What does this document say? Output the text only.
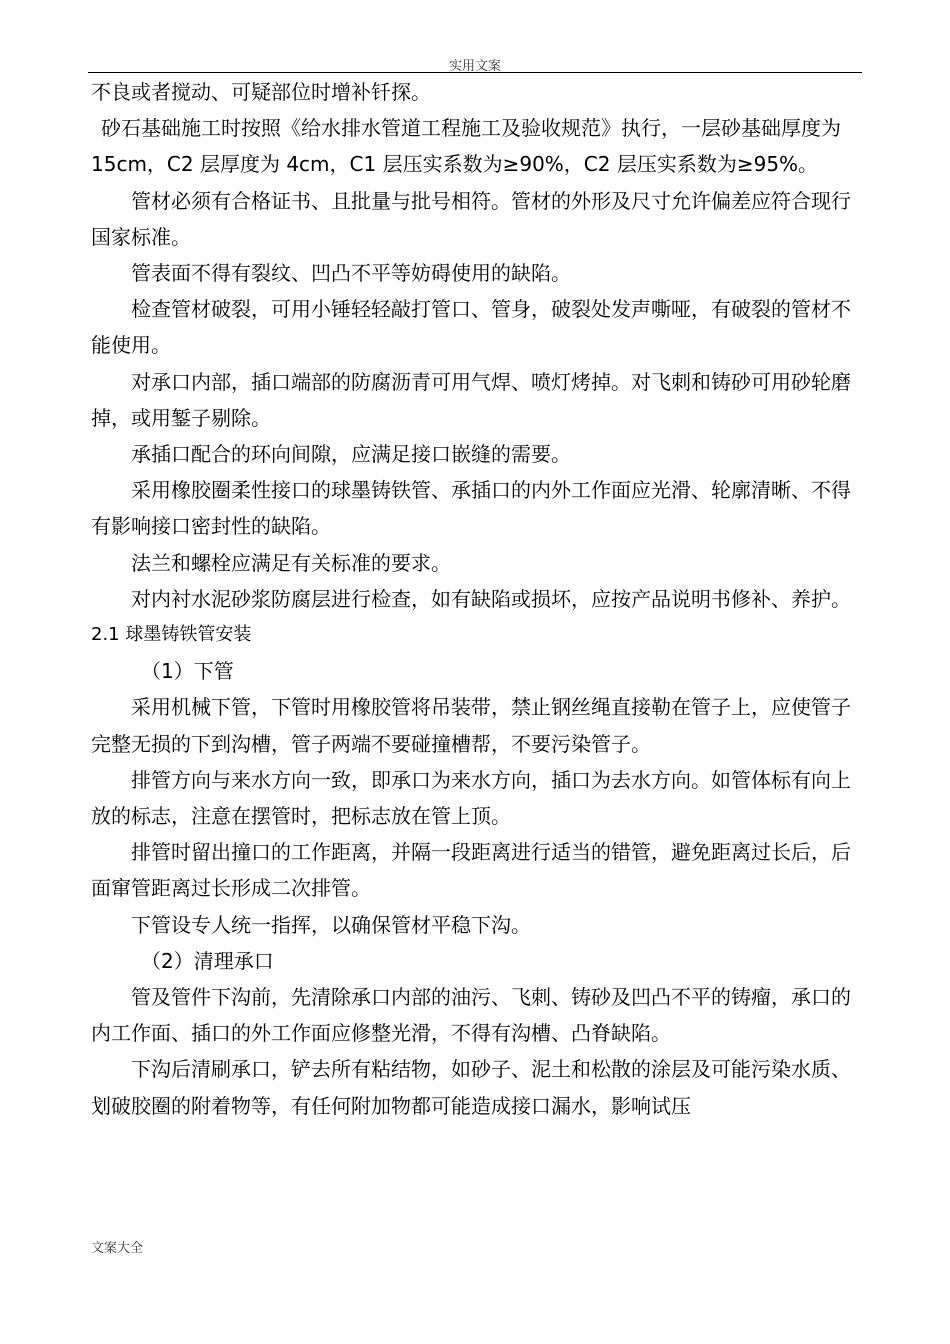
实用文案

不良或者搅动、可疑部位时增补钎探。

砂石基础施工时按照《给水排水管道工程施工及验收规范》执行，一层砂基础厚度为 15cm，C2 层厚度为 4cm，C1 层压实系数为≥90%，C2 层压实系数为≥95%。

管材必须有合格证书、且批量与批号相符。管材的外形及尺寸允许偏差应符合现行国家标准。

管表面不得有裂纹、凹凸不平等妨碍使用的缺陷。

检查管材破裂，可用小锤轻轻敲打管口、管身，破裂处发声嘶哑，有破裂的管材不能使用。

对承口内部，插口端部的防腐沥青可用气焊、喷灯烤掉。对飞刺和铸砂可用砂轮磨掉，或用錾子剔除。

承插口配合的环向间隙，应满足接口嵌缝的需要。

采用橡胶圈柔性接口的球墨铸铁管、承插口的内外工作面应光滑、轮廓清晰、不得有影响接口密封性的缺陷。

法兰和螺栓应满足有关标准的要求。

对内衬水泥砂浆防腐层进行检查，如有缺陷或损坏，应按产品说明书修补、养护。

2.1 球墨铸铁管安装

（1）下管

采用机械下管，下管时用橡胶管将吊装带，禁止钢丝绳直接勒在管子上，应使管子完整无损的下到沟槽，管子两端不要碰撞槽帮，不要污染管子。

排管方向与来水方向一致，即承口为来水方向，插口为去水方向。如管体标有向上放的标志，注意在摆管时，把标志放在管上顶。

排管时留出撞口的工作距离，并隔一段距离进行适当的错管，避免距离过长后，后面窜管距离过长形成二次排管。

下管设专人统一指挥，以确保管材平稳下沟。

（2）清理承口

管及管件下沟前，先清除承口内部的油污、飞刺、铸砂及凹凸不平的铸瘤，承口的内工作面、插口的外工作面应修整光滑，不得有沟槽、凸脊缺陷。

下沟后清刷承口，铲去所有粘结物，如砂子、泥土和松散的涂层及可能污染水质、划破胶圈的附着物等，有任何附加物都可能造成接口漏水，影响试压

文案大全
